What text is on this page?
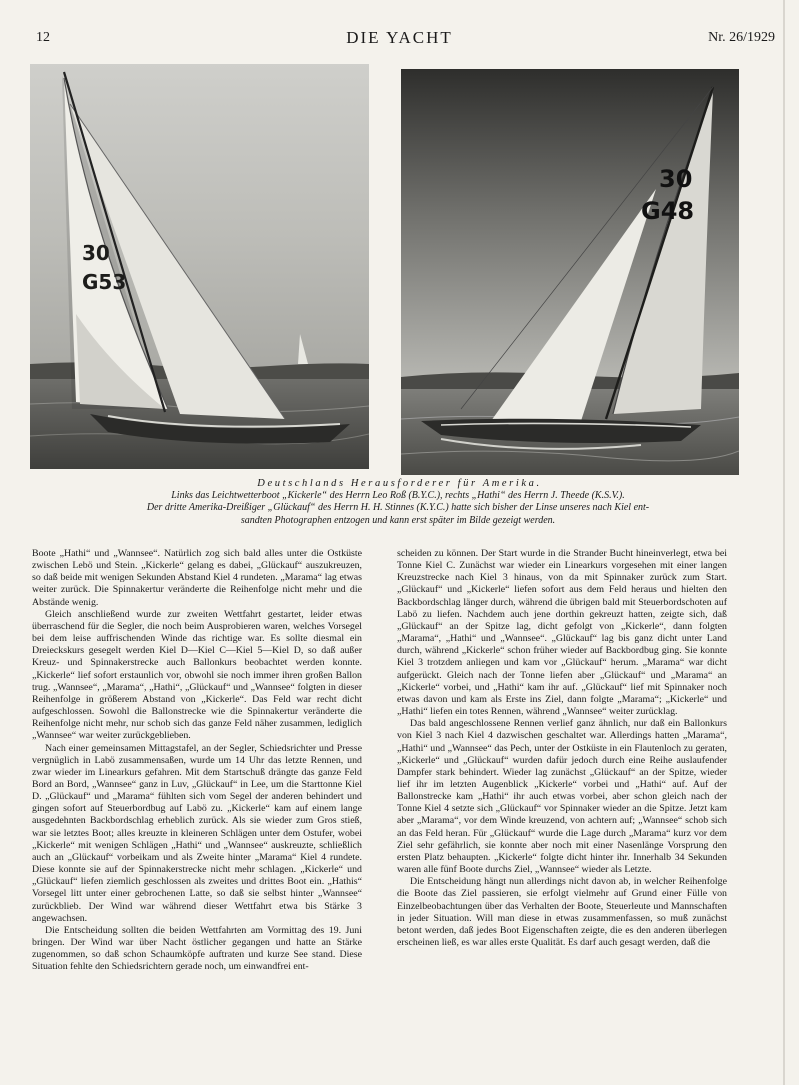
12	DIE YACHT	Nr. 26/1929
30
G53
30
G48
Deutschlands Herausforderer für Amerika.
Links das Leichtwetterboot „Kickerle“ des Herrn Leo Roß (B.Y.C.), rechts „Hathi“ des Herrn J. Theede (K.S.V.).
Der dritte Amerika-Dreißiger „Glückauf“ des Herrn H. H. Stinnes (K.Y.C.) hatte sich bisher der Linse unseres nach Kiel ent-
sandten Photographen entzogen und kann erst später im Bilde gezeigt werden.

Boote „Hathi“ und „Wannsee“. Natürlich zog sich bald alles unter die Ostküste zwischen Lebö und Stein. „Kickerle“ gelang es dabei, „Glückauf“ auszukreuzen, so daß beide mit wenigen Sekunden Abstand Kiel 4 rundeten. „Marama“ lag etwas weiter zurück. Die Spinnakertur veränderte die Reihenfolge nicht mehr und die Abstände wenig.

Gleich anschließend wurde zur zweiten Wettfahrt gestartet, leider etwas überraschend für die Segler, die noch beim Ausprobieren waren, welches Vorsegel bei dem leise auffrischenden Winde das richtige war. Es sollte diesmal ein Dreieckskurs gesegelt werden Kiel D—Kiel C—Kiel 5—Kiel D, so daß außer Kreuz- und Spinnakerstrecke auch Ballonkurs beobachtet werden konnte. „Kickerle“ lief sofort erstaunlich vor, obwohl sie noch immer ihren großen Ballon trug. „Wannsee“, „Marama“, „Hathi“, „Glückauf“ und „Wannsee“ folgten in dieser Reihenfolge in größerem Abstand von „Kickerle“. Das Feld war recht dicht aufgeschlossen. Sowohl die Ballonstrecke wie die Spinnakertur veränderte die Reihenfolge nicht mehr, nur schob sich das ganze Feld näher zusammen, lediglich „Wannsee“ war weiter zurückgeblieben.

Nach einer gemeinsamen Mittagstafel, an der Segler, Schiedsrichter und Presse vergnüglich in Labö zusammensaßen, wurde um 14 Uhr das letzte Rennen, und zwar wieder im Linearkurs gefahren. Mit dem Startschuß drängte das ganze Feld Bord an Bord, „Wannsee“ ganz in Luv, „Glückauf“ in Lee, um die Starttonne Kiel D. „Glückauf“ und „Marama“ fühlten sich vom Segel der anderen behindert und gingen sofort auf Steuerbordbug auf Labö zu. „Kickerle“ kam auf einem lange ausgedehnten Backbordschlag erheblich zurück. Als sie wieder zum Gros stieß, war sie letztes Boot; alles kreuzte in kleineren Schlägen unter dem Ostufer, wobei „Kickerle“ mit wenigen Schlägen „Hathi“ und „Wannsee“ auskreuzte, schließlich auch an „Glückauf“ vorbeikam und als Zweite hinter „Marama“ Kiel 4 rundete. Diese konnte sie auf der Spinnakerstrecke nicht mehr schlagen. „Kickerle“ und „Glückauf“ liefen ziemlich geschlossen als zweites und drittes Boot ein. „Hathis“ Vorsegel litt unter einer gebrochenen Latte, so daß sie selbst hinter „Wannsee“ zurückblieb. Der Wind war während dieser Wettfahrt etwa bis Stärke 3 angewachsen.

Die Entscheidung sollten die beiden Wettfahrten am Vormittag des 19. Juni bringen. Der Wind war über Nacht östlicher gegangen und hatte an Stärke zugenommen, so daß schon Schaumköpfe auftraten und kurze See stand. Diese Situation fehlte den Schiedsrichtern gerade noch, um einwandfrei ent-

scheiden zu können. Der Start wurde in die Strander Bucht hineinverlegt, etwa bei Tonne Kiel C. Zunächst war wieder ein Linearkurs vorgesehen mit einer langen Kreuzstrecke nach Kiel 3 hinaus, von da mit Spinnaker zurück zum Start. „Glückauf“ und „Kickerle“ liefen sofort aus dem Feld heraus und hielten den Backbordschlag länger durch, während die übrigen bald mit Steuerbordschoten auf Labö zu liefen. Nachdem auch jene dorthin gekreuzt hatten, zeigte sich, daß „Glückauf“ an der Spitze lag, dicht gefolgt von „Kickerle“, dann folgten „Marama“, „Hathi“ und „Wannsee“. „Glückauf“ lag bis ganz dicht unter Land durch, während „Kickerle“ schon früher wieder auf Backbordbug ging. Sie konnte Kiel 3 trotzdem anliegen und kam vor „Glückauf“ herum. „Marama“ war dicht aufgerückt. Gleich nach der Tonne liefen aber „Glückauf“ und „Marama“ an „Kickerle“ vorbei, und „Hathi“ kam ihr auf. „Glückauf“ lief mit Spinnaker noch etwas davon und kam als Erste ins Ziel, dann folgte „Marama“; „Kickerle“ und „Hathi“ liefen ein totes Rennen, während „Wannsee“ weiter zurücklag.

Das bald angeschlossene Rennen verlief ganz ähnlich, nur daß ein Ballonkurs von Kiel 3 nach Kiel 4 dazwischen geschaltet war. Allerdings hatten „Marama“, „Hathi“ und „Wannsee“ das Pech, unter der Ostküste in ein Flautenloch zu geraten, „Kickerle“ und „Glückauf“ wurden dafür jedoch durch eine Reihe auslaufender Dampfer stark behindert. Wieder lag zunächst „Glückauf“ an der Spitze, wieder lief ihr im letzten Augenblick „Kickerle“ vorbei und „Hathi“ auf. Auf der Ballonstrecke kam „Hathi“ ihr auch etwas vorbei, aber schon gleich nach der Tonne Kiel 4 setzte sich „Glückauf“ vor Spinnaker wieder an die Spitze. Jetzt kam aber „Marama“, vor dem Winde kreuzend, von achtern auf; „Wannsee“ schob sich an das Feld heran. Für „Glückauf“ wurde die Lage durch „Marama“ kurz vor dem Ziel sehr gefährlich, sie konnte aber noch mit einer Nasenlänge Vorsprung den ersten Platz behaupten. „Kickerle“ folgte dicht hinter ihr. Innerhalb 34 Sekunden waren alle fünf Boote durchs Ziel, „Wannsee“ wieder als Letzte.

Die Entscheidung hängt nun allerdings nicht davon ab, in welcher Reihenfolge die Boote das Ziel passieren, sie erfolgt vielmehr auf Grund einer Fülle von Einzelbeobachtungen über das Verhalten der Boote, Steuerleute und Mannschaften in jeder Situation. Will man diese in etwas zusammenfassen, so muß zunächst betont werden, daß jedes Boot Eigenschaften zeigte, die es den anderen überlegen erscheinen ließ, es war alles erste Qualität. Es darf auch gesagt werden, daß die
